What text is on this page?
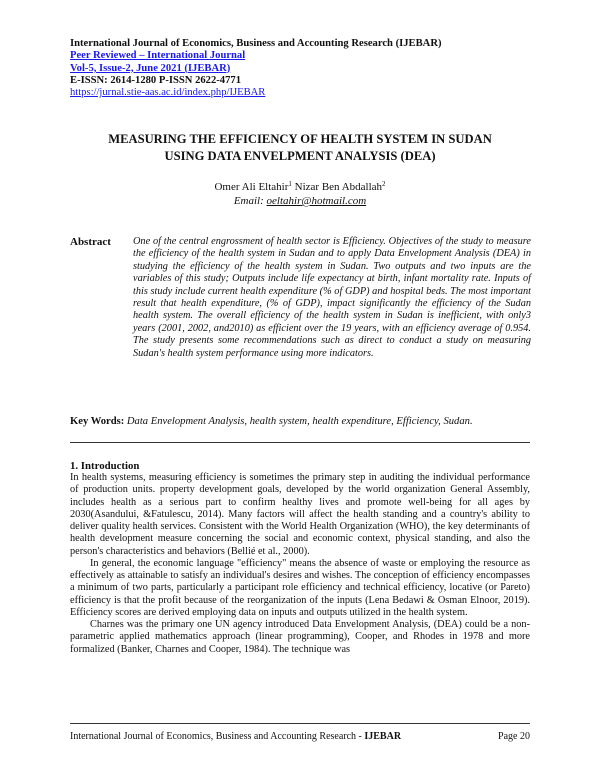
International Journal of Economics, Business and Accounting Research (IJEBAR)
Peer Reviewed – International Journal
Vol-5, Issue-2, June 2021 (IJEBAR)
E-ISSN: 2614-1280 P-ISSN 2622-4771
https://jurnal.stie-aas.ac.id/index.php/IJEBAR
MEASURING THE EFFICIENCY OF HEALTH SYSTEM IN SUDAN
USING DATA ENVELPMENT ANALYSIS (DEA)
Omer Ali Eltahir$^1$ Nizar Ben Abdallah$^2$
Email: oeltahir@hotmail.com
Abstract One of the central engrossment of health sector is Efficiency. Objectives of the study to measure the efficiency of the health system in Sudan and to apply Data Envelopment Analysis (DEA) in studying the efficiency of the health system in Sudan. Two outputs and two inputs are the variables of this study; Outputs include life expectancy at birth, infant mortality rate. Inputs of this study include current health expenditure (% of GDP) and hospital beds. The most important result that health expenditure, (% of GDP), impact significantly the efficiency of the Sudan health system. The overall efficiency of the health system in Sudan is inefficient, with only3 years (2001, 2002, and2010) as efficient over the 19 years, with an efficiency average of 0.954. The study presents some recommendations such as direct to conduct a study on measuring Sudan's health system performance using more indicators.
Key Words: Data Envelopment Analysis, health system, health expenditure, Efficiency, Sudan.
1. Introduction

In health systems, measuring efficiency is sometimes the primary step in auditing the individual performance of production units. property development goals, developed by the world organization General Assembly, includes health as a serious part to confirm healthy lives and promote well-being for all ages by 2030(Asandului, &Fatulescu, 2014). Many factors will affect the health standing and a country's ability to deliver quality health services. Consistent with the World Health Organization (WHO), the key determinants of health development measure concerning the social and economic context, physical standing, and also the person's characteristics and behaviors (Bellié et al., 2000).

In general, the economic language "efficiency" means the absence of waste or employing the resource as effectively as attainable to satisfy an individual's desires and wishes. The conception of efficiency encompasses a minimum of two parts, particularly a participant role efficiency and technical efficiency, locative (or Pareto) efficiency is that the profit because of the reorganization of the inputs (Lena Bedawi & Osman Elnoor, 2019). Efficiency scores are derived employing data on inputs and outputs utilized in the health system.

Charnes was the primary one UN agency introduced Data Envelopment Analysis, (DEA) could be a non-parametric applied mathematics approach (linear programming), Cooper, and Rhodes in 1978 and more formalized (Banker, Charnes and Cooper, 1984). The technique was

International Journal of Economics, Business and Accounting Research - IJEBAR	Page 20
